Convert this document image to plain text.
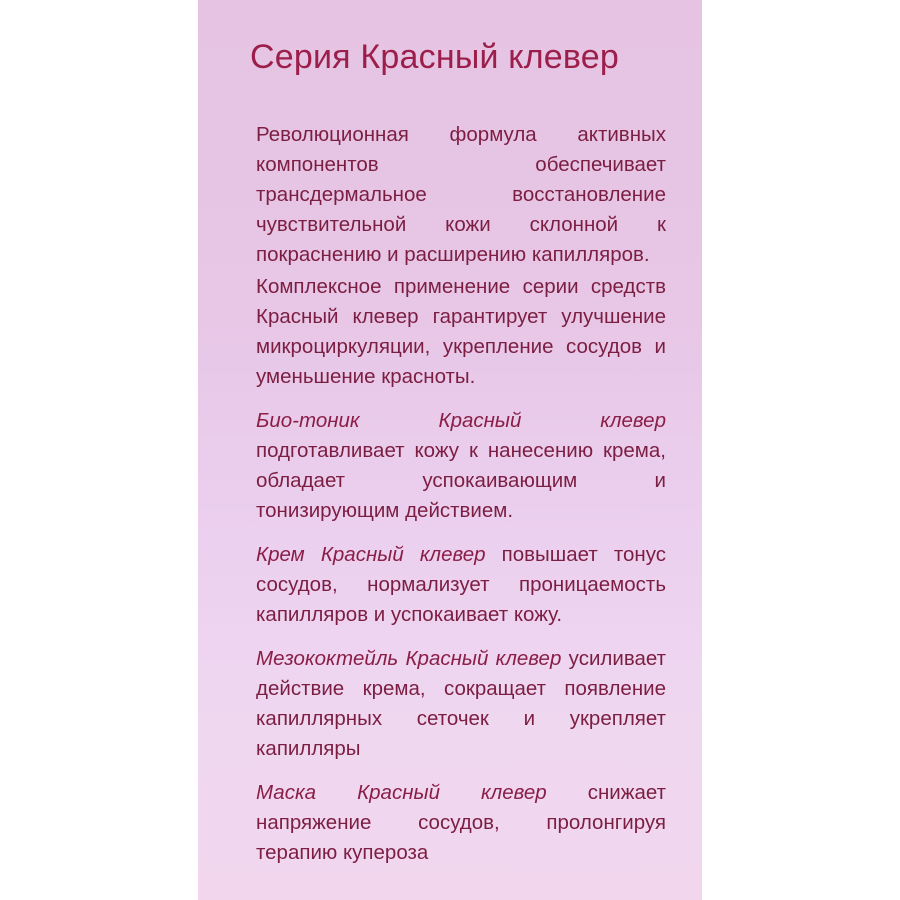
Серия Красный клевер

Революционная формула активных компонентов обеспечивает трансдермальное восстановление чувствительной кожи склонной к покраснению и расширению капилляров.

Комплексное применение серии средств Красный клевер гарантирует улучшение микроциркуляции, укрепление сосудов и уменьшение красноты.

Био-тоник Красный клевер подготавливает кожу к нанесению крема, обладает успокаивающим и тонизирующим действием.

Крем Красный клевер повышает тонус сосудов, нормализует проницаемость капилляров и успокаивает кожу.

Мезококтейль Красный клевер усиливает действие крема, сокращает появление капиллярных сеточек и укрепляет капилляры

Маска Красный клевер снижает напряжение сосудов, пролонгируя терапию купероза
